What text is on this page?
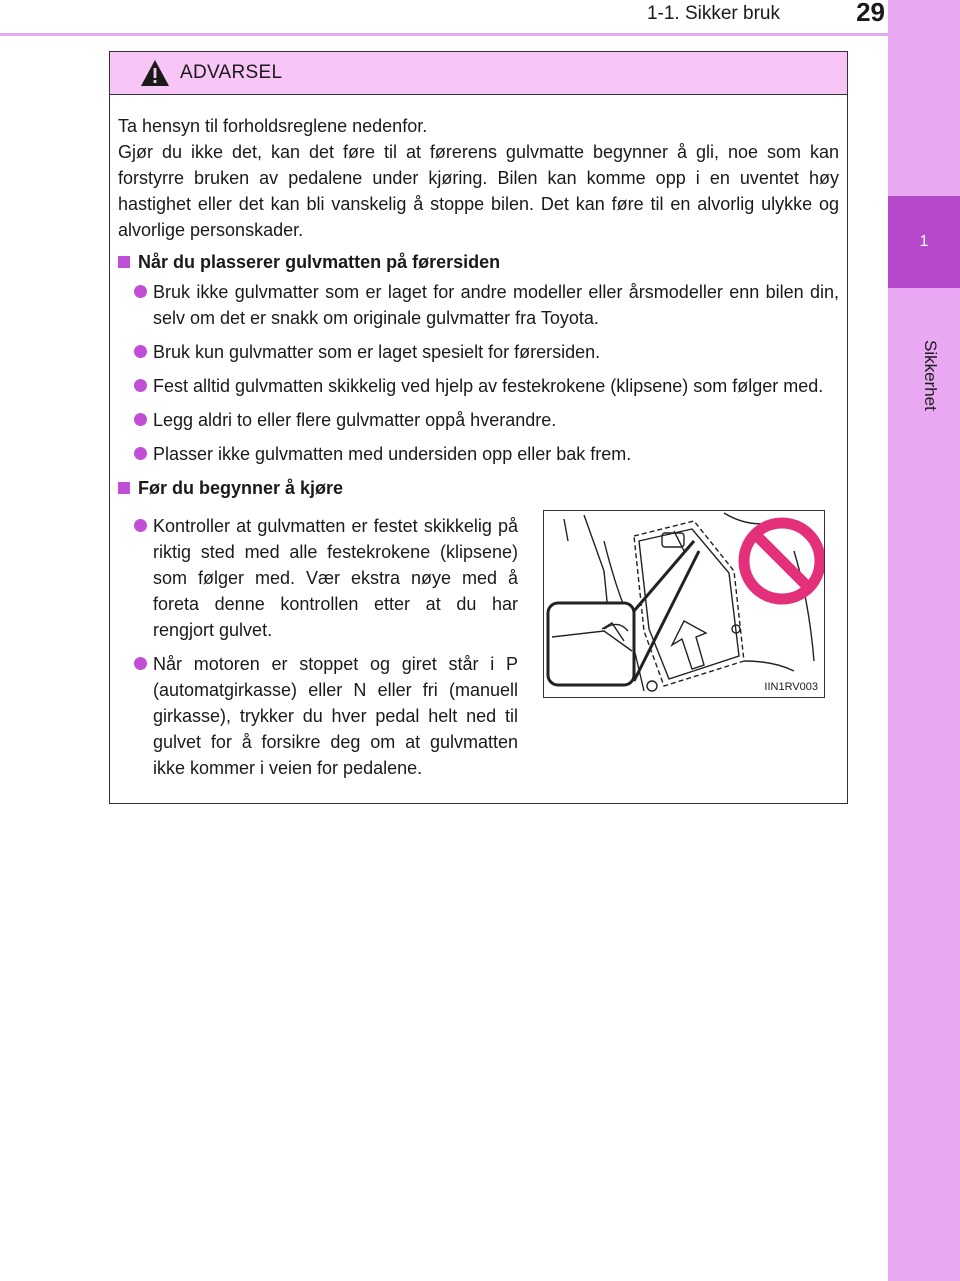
1-1. Sikker bruk	29
1
Sikkerhet
ADVARSEL

Ta hensyn til forholdsreglene nedenfor.

Gjør du ikke det, kan det føre til at førerens gulvmatte begynner å gli, noe som kan forstyrre bruken av pedalene under kjøring. Bilen kan komme opp i en uventet høy hastighet eller det kan bli vanskelig å stoppe bilen. Det kan føre til en alvorlig ulykke og alvorlige personskader.

Når du plasserer gulvmatten på førersiden
Bruk ikke gulvmatter som er laget for andre modeller eller årsmodeller enn bilen din, selv om det er snakk om originale gulvmatter fra Toyota.
Bruk kun gulvmatter som er laget spesielt for førersiden.
Fest alltid gulvmatten skikkelig ved hjelp av festekrokene (klipsene) som følger med.
Legg aldri to eller flere gulvmatter oppå hverandre.
Plasser ikke gulvmatten med undersiden opp eller bak frem.
Før du begynner å kjøre
Kontroller at gulvmatten er festet skikkelig på riktig sted med alle festekrokene (klipsene) som følger med. Vær ekstra nøye med å foreta denne kontrollen etter at du har rengjort gulvet.
Når motoren er stoppet og giret står i P (automatgirkasse) eller N eller fri (manuell girkasse), trykker du hver pedal helt ned til gulvet for å forsikre deg om at gulvmatten ikke kommer i veien for pedalene.
IIN1RV003
